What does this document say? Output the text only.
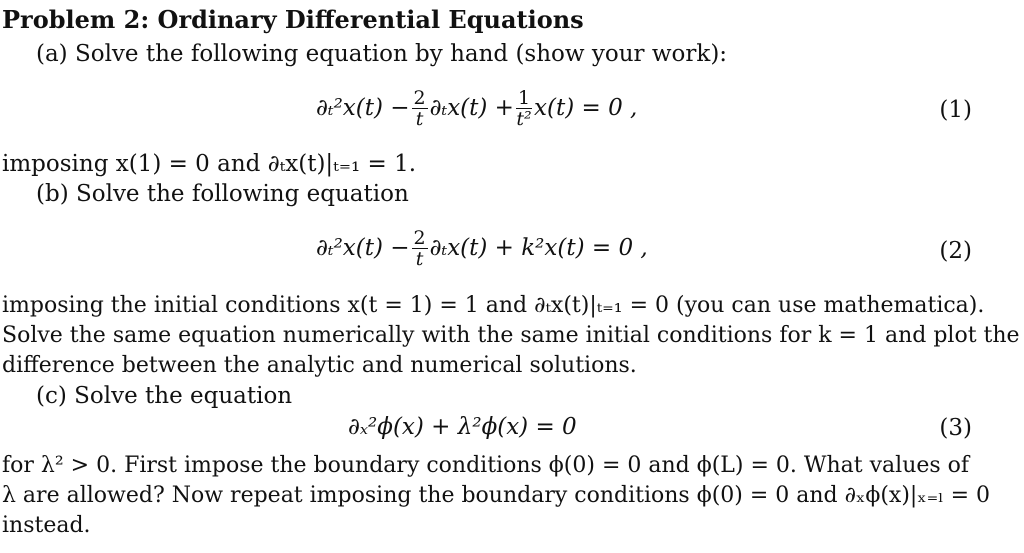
Problem 2: Ordinary Differential Equations
(a) Solve the following equation by hand (show your work):
$\partial_t^2x(t) - \frac{2}{t} \partial_tx(t) + \frac{1}{\text{t²}} x(t) = 0$ ,	(1)
imposing x(1) = 0 and ∂ₜx(t)|ₜ₌₁ = 1.
(b) Solve the following equation
$\partial_t^2x(t) - \frac{2}{t} \partial_tx(t) + k^2x(t) = 0$ ,	(2)
imposing the initial conditions x(t = 1) = 1 and ∂ₜx(t)|ₜ₌₁ = 0 (you can use mathematica).
Solve the same equation numerically with the same initial conditions for k = 1 and plot the
difference between the analytic and numerical solutions.
(c) Solve the equation
∂ₓ²ϕ(x) + λ²ϕ(x) = 0	(3)
for λ² > 0. First impose the boundary conditions ϕ(0) = 0 and ϕ(L) = 0. What values of
λ are allowed? Now repeat imposing the boundary conditions ϕ(0) = 0 and ∂ₓϕ(x)|ₓ₌ₗ = 0
instead.
